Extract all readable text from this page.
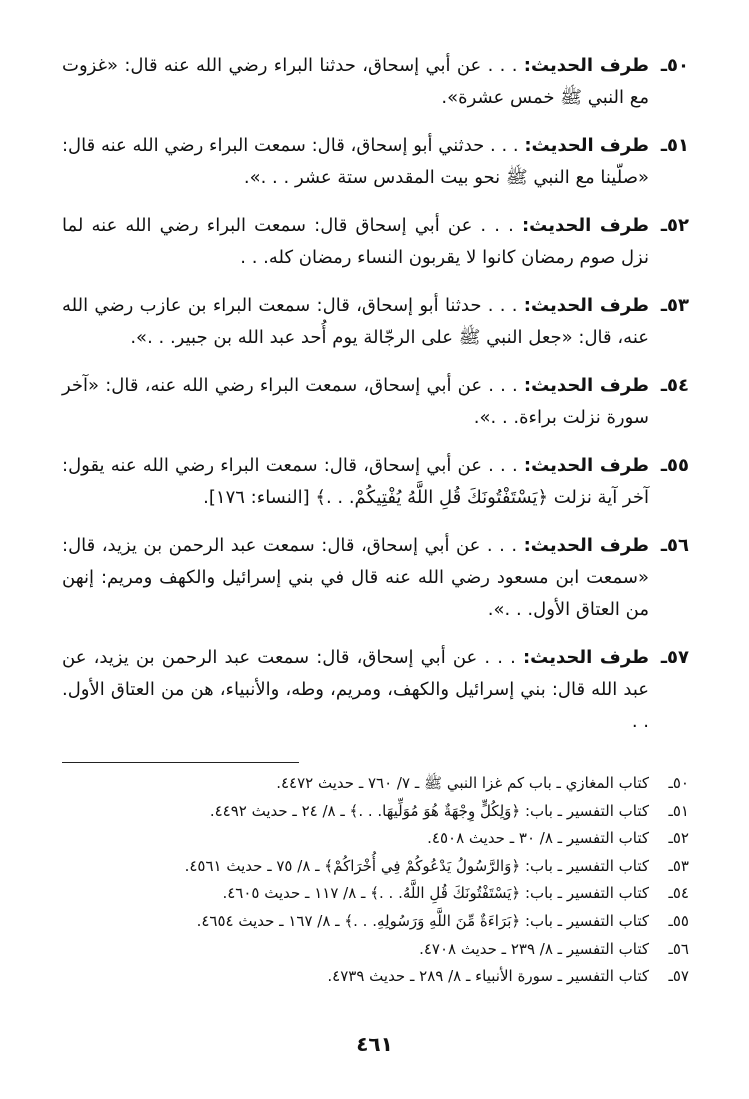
٥٠ـ
طرف الحديث: . . . عن أبي إسحاق، حدثنا البراء رضي الله عنه قال: «غزوت مع النبي ﷺ خمس عشرة».
٥١ـ
طرف الحديث: . . . حدثني أبو إسحاق، قال: سمعت البراء رضي الله عنه قال: «صلّينا مع النبي ﷺ نحو بيت المقدس ستة عشر . . .».
٥٢ـ
طرف الحديث: . . . عن أبي إسحاق قال: سمعت البراء رضي الله عنه لما نزل صوم رمضان كانوا لا يقربون النساء رمضان كله. . .
٥٣ـ
طرف الحديث: . . . حدثنا أبو إسحاق، قال: سمعت البراء بن عازب رضي الله عنه، قال: «جعل النبي ﷺ على الرجّالة يوم أُحد عبد الله بن جبير. . .».
٥٤ـ
طرف الحديث: . . . عن أبي إسحاق، سمعت البراء رضي الله عنه، قال: «آخر سورة نزلت براءة. . .».
٥٥ـ
طرف الحديث: . . . عن أبي إسحاق، قال: سمعت البراء رضي الله عنه يقول: آخر آية نزلت ﴿يَسْتَفْتُونَكَ قُلِ اللَّهُ يُفْتِيكُمْ. . .﴾ [النساء: ١٧٦].
٥٦ـ
طرف الحديث: . . . عن أبي إسحاق، قال: سمعت عبد الرحمن بن يزيد، قال: «سمعت ابن مسعود رضي الله عنه قال في بني إسرائيل والكهف ومريم: إنهن من العتاق الأول. . .».
٥٧ـ
طرف الحديث: . . . عن أبي إسحاق، قال: سمعت عبد الرحمن بن يزيد، عن عبد الله قال: بني إسرائيل والكهف، ومريم، وطه، والأنبياء، هن من العتاق الأول. . .
٥٠ـ
كتاب المغازي ـ باب كم غزا النبي ﷺ ـ ٧/ ٧٦٠ ـ حديث ٤٤٧٢.
٥١ـ
كتاب التفسير ـ باب: ﴿وَلِكُلٍّ وِجْهَةٌ هُوَ مُوَلِّيهَا. . .﴾ ـ ٨/ ٢٤ ـ حديث ٤٤٩٢.
٥٢ـ
كتاب التفسير ـ ٨/ ٣٠ ـ حديث ٤٥٠٨.
٥٣ـ
كتاب التفسير ـ باب: ﴿وَالرَّسُولُ يَدْعُوكُمْ فِي أُخْرَاكُمْ﴾ ـ ٨/ ٧٥ ـ حديث ٤٥٦١.
٥٤ـ
كتاب التفسير ـ باب: ﴿يَسْتَفْتُونَكَ قُلِ اللَّهُ. . .﴾ ـ ٨/ ١١٧ ـ حديث ٤٦٠٥.
٥٥ـ
كتاب التفسير ـ باب: ﴿بَرَاءَةٌ مِّنَ اللَّهِ وَرَسُولِهِ. . .﴾ ـ ٨/ ١٦٧ ـ حديث ٤٦٥٤.
٥٦ـ
كتاب التفسير ـ ٨/ ٢٣٩ ـ حديث ٤٧٠٨.
٥٧ـ
كتاب التفسير ـ سورة الأنبياء ـ ٨/ ٢٨٩ ـ حديث ٤٧٣٩.
٤٦١
